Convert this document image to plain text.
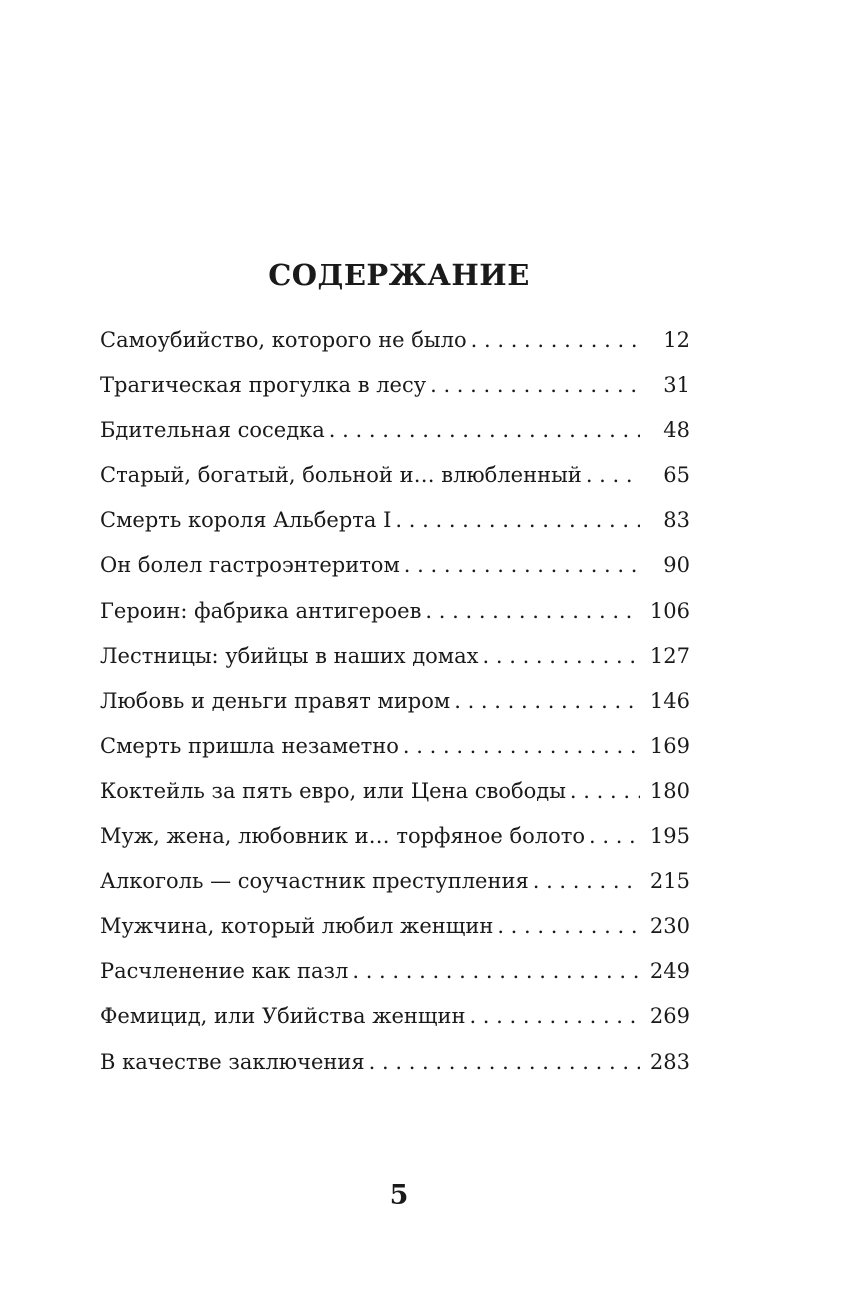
СОДЕРЖАНИЕ
Самоубийство, которого не было . . .	12
Трагическая прогулка в лесу . . .	31
Бдительная соседка . . .	48
Старый, богатый, больной и… влюбленный . . .	65
Смерть короля Альберта I . . .	83
Он болел гастроэнтеритом . . .	90
Героин: фабрика антигероев . . .	106
Лестницы: убийцы в наших домах . . .	127
Любовь и деньги правят миром . . .	146
Смерть пришла незаметно . . .	169
Коктейль за пять евро, или Цена свободы . . .	180
Муж, жена, любовник и… торфяное болото . . .	195
Алкоголь — соучастник преступления . . .	215
Мужчина, который любил женщин . . .	230
Расчленение как пазл . . .	249
Фемицид, или Убийства женщин . . .	269
В качестве заключения . . .	283
5
